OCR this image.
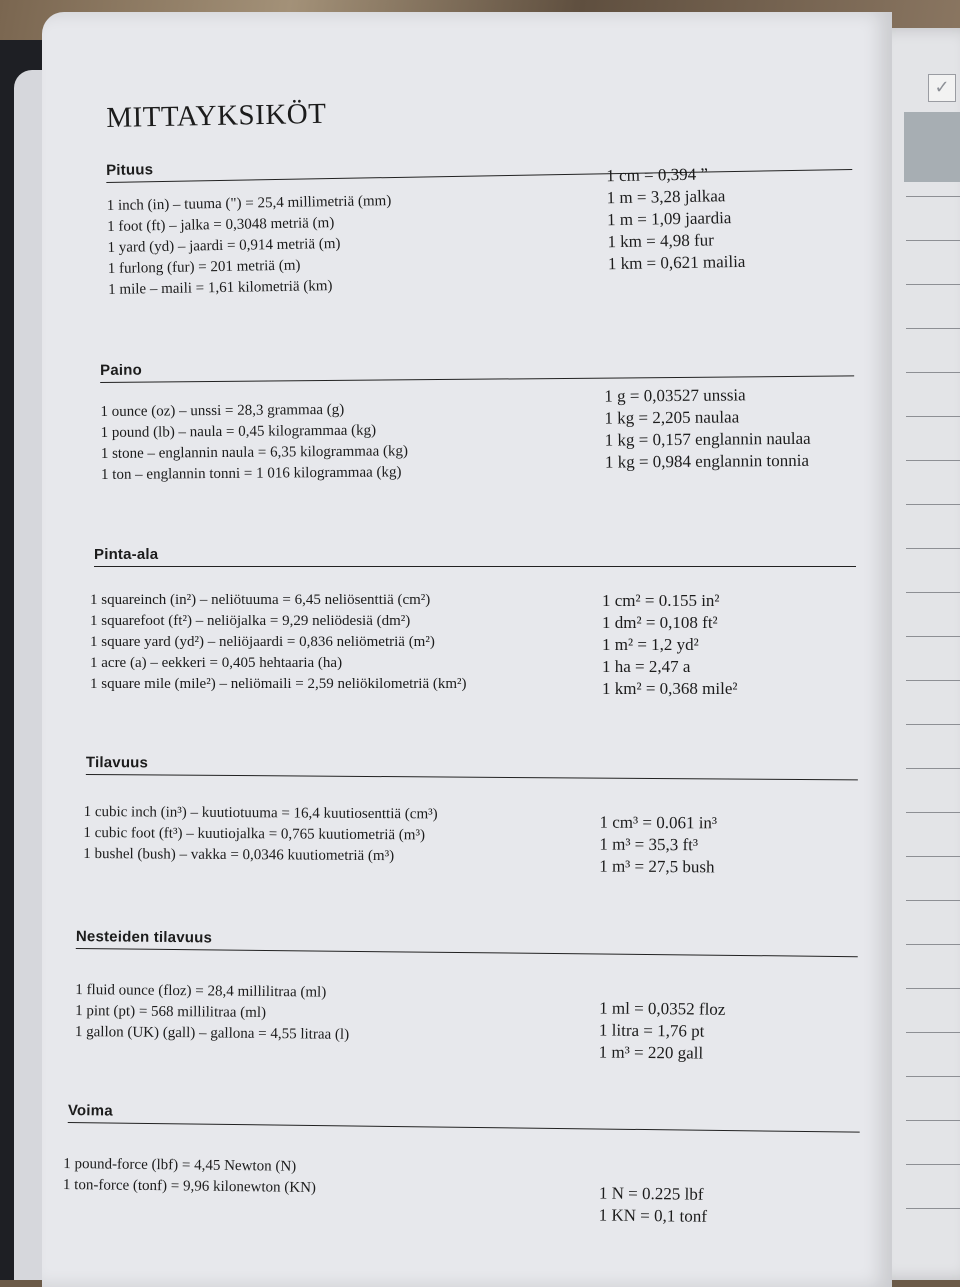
✓
MITTAYKSIKÖT
Pituus
1 inch (in) – tuuma (") = 25,4 millimetriä (mm)
1 foot (ft) – jalka = 0,3048 metriä (m)
1 yard (yd) – jaardi = 0,914 metriä (m)
1 furlong (fur) = 201 metriä (m)
1 mile – maili = 1,61 kilometriä (km)
1 cm = 0,394 ”
1 m = 3,28 jalkaa
1 m = 1,09 jaardia
1 km = 4,98 fur
1 km = 0,621 mailia
Paino
1 ounce (oz) – unssi = 28,3 grammaa (g)
1 pound (lb) – naula = 0,45 kilogrammaa (kg)
1 stone – englannin naula = 6,35 kilogrammaa (kg)
1 ton – englannin tonni = 1 016 kilogrammaa (kg)
1 g = 0,03527 unssia
1 kg = 2,205 naulaa
1 kg = 0,157 englannin naulaa
1 kg = 0,984 englannin tonnia
Pinta-ala
1 squareinch (in²) – neliötuuma = 6,45 neliösenttiä (cm²)
1 squarefoot (ft²) – neliöjalka = 9,29 neliödesiä (dm²)
1 square yard (yd²) – neliöjaardi = 0,836 neliömetriä (m²)
1 acre (a) – eekkeri = 0,405 hehtaaria (ha)
1 square mile (mile²) – neliömaili = 2,59 neliökilometriä (km²)
1 cm² = 0.155 in²
1 dm² = 0,108 ft²
1 m² = 1,2 yd²
1 ha = 2,47 a
1 km² = 0,368 mile²
Tilavuus
1 cubic inch (in³) – kuutiotuuma = 16,4 kuutiosenttiä (cm³)
1 cubic foot (ft³) – kuutiojalka = 0,765 kuutiometriä (m³)
1 bushel (bush) – vakka = 0,0346 kuutiometriä (m³)
1 cm³ = 0.061 in³
1 m³ = 35,3 ft³
1 m³ = 27,5 bush
Nesteiden tilavuus
1 fluid ounce (floz) = 28,4 millilitraa (ml)
1 pint (pt) = 568 millilitraa (ml)
1 gallon (UK) (gall) – gallona = 4,55 litraa (l)
1 ml = 0,0352 floz
1 litra = 1,76 pt
1 m³ = 220 gall
Voima
1 pound-force (lbf) = 4,45 Newton (N)
1 ton-force (tonf) = 9,96 kilonewton (KN)	1 N = 0.225 lbf
1 KN = 0,1 tonf
